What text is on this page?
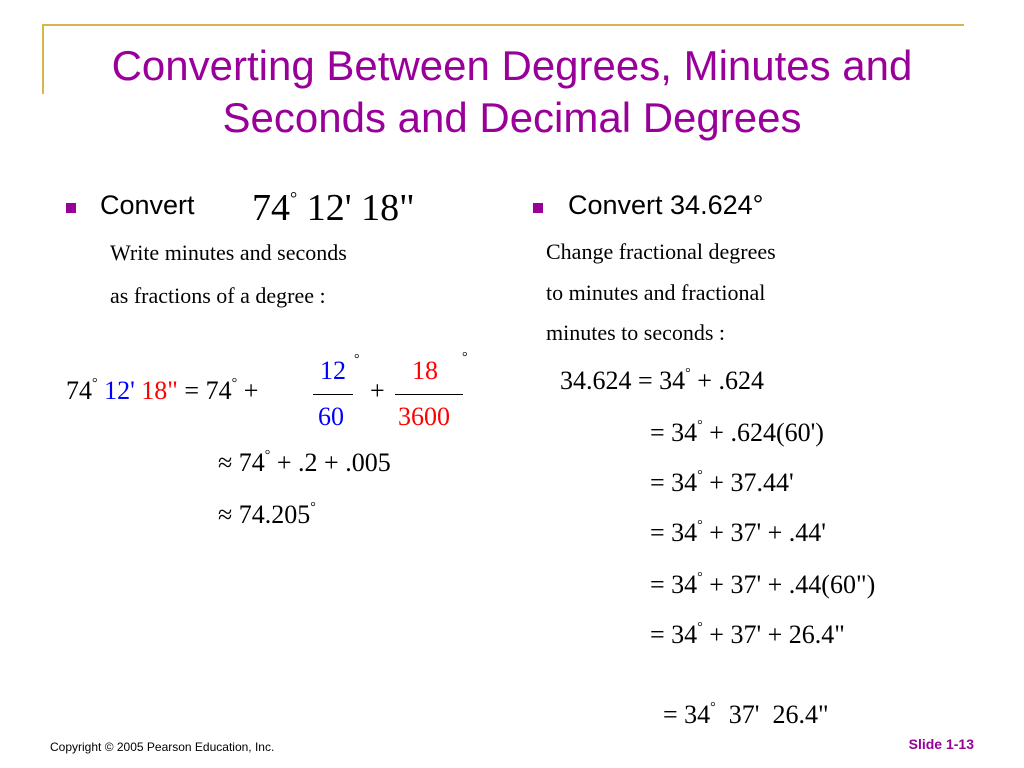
Converting Between Degrees, Minutes and
Seconds and Decimal Degrees
Convert 74° 12' 18"
Write minutes and seconds
as fractions of a degree :
74° 12' 18" = 74° +
12
60
°
+
18
3600
°
≈ 74° + .2 + .005
≈ 74.205°
Convert 34.624°
Change fractional degrees
to minutes and fractional
minutes to seconds :
34.624 = 34° + .624
= 34° + .624(60')
= 34° + 37.44'
= 34° + 37' + .44'
= 34° + 37' + .44(60")
= 34° + 37' + 26.4"

= 34°  37'  26.4"

Copyright © 2005 Pearson Education, Inc.	Slide 1-13
